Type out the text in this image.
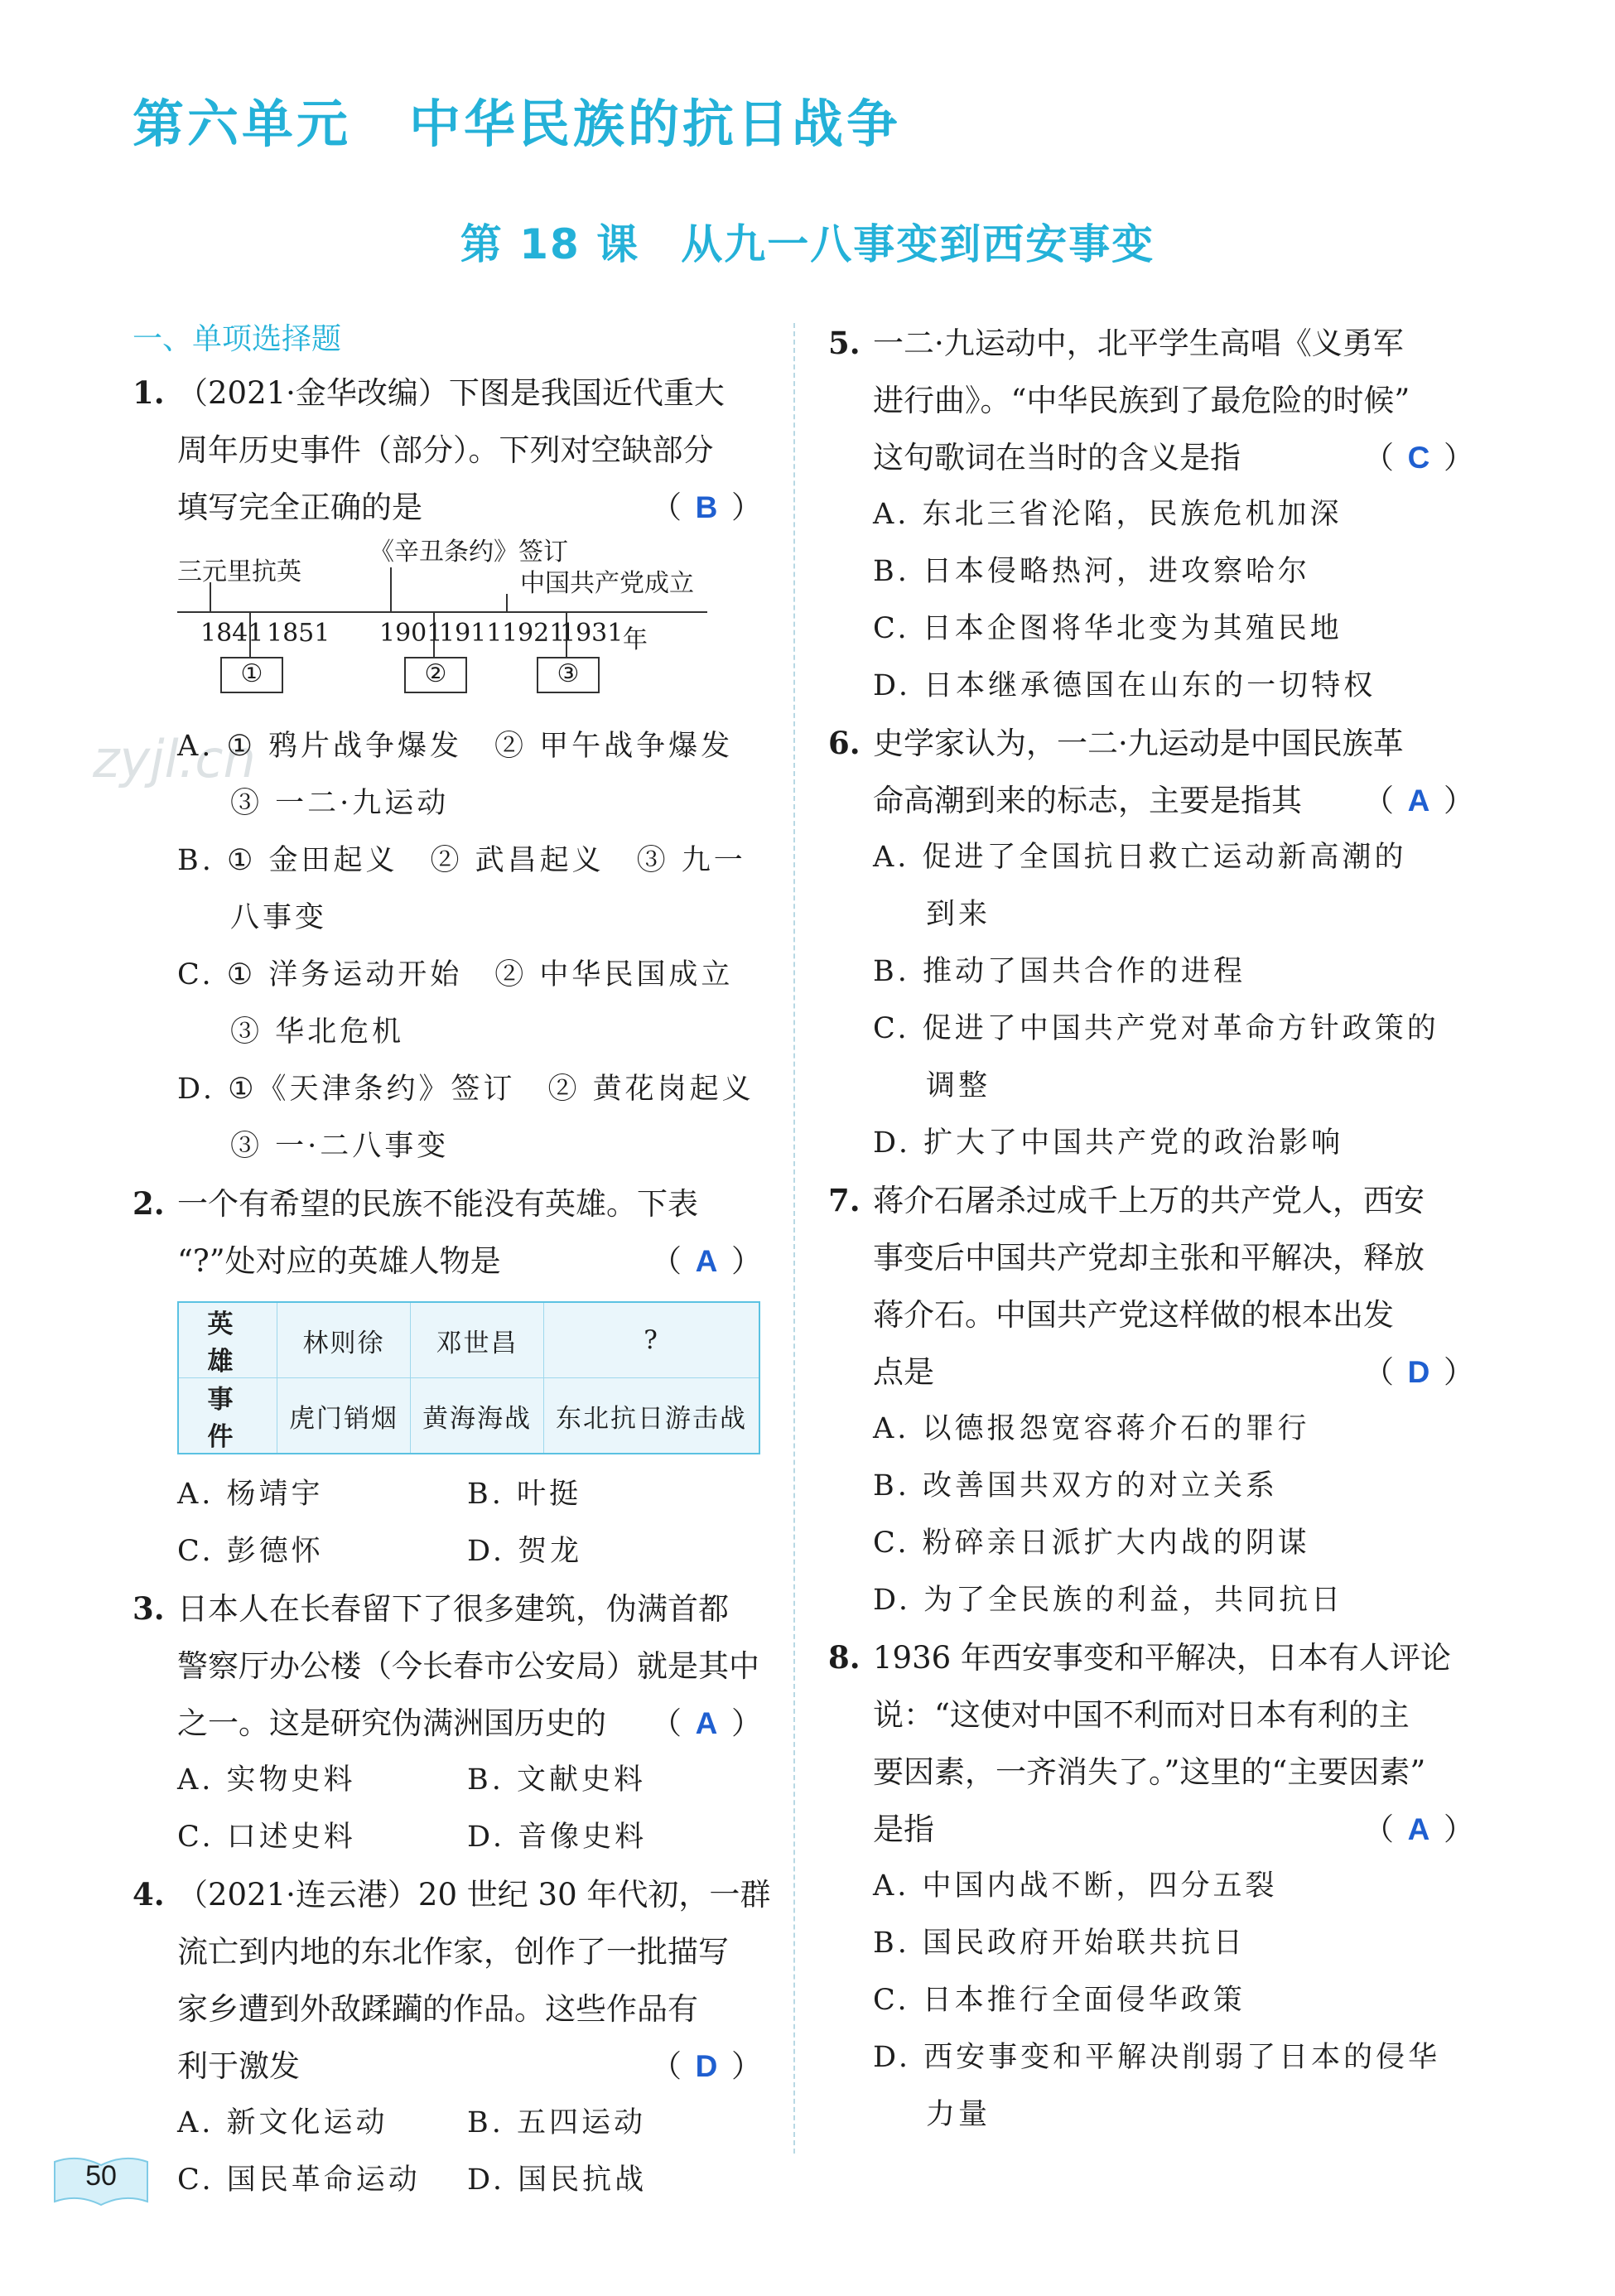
第六单元 中华民族的抗日战争
第 18 课 从九一八事变到西安事变
zyjl.cn
一、单项选择题
1. （2021·金华改编）下图是我国近代重大
周年历史事件（部分）。下列对空缺部分
填写完全正确的是	（ B ）
三元里抗英
《辛丑条约》签订
中国共产党成立
1841 1851 1901
1911 1921
1931 年
①	②	③
A. ① 鸦片战争爆发　② 甲午战争爆发
③ 一二·九运动
B. ① 金田起义　② 武昌起义　③ 九一
八事变
C. ① 洋务运动开始　② 中华民国成立
③ 华北危机
D. ①《天津条约》签订　② 黄花岗起义
③ 一·二八事变
2. 一个有希望的民族不能没有英雄。下表
“?”处对应的英雄人物是	（ A ）
英雄	林则徐	邓世昌	?
事件	虎门销烟	黄海海战	东北抗日游击战
A. 杨靖宇	B. 叶挺
C. 彭德怀	D. 贺龙
3. 日本人在长春留下了很多建筑，伪满首都
警察厅办公楼（今长春市公安局）就是其中
之一。这是研究伪满洲国历史的 （ A ）
A. 实物史料	B. 文献史料
C. 口述史料	D. 音像史料
4. （2021·连云港）20 世纪 30 年代初，一群
流亡到内地的东北作家，创作了一批描写
家乡遭到外敌蹂躏的作品。这些作品有
利于激发	（ D ）
A. 新文化运动	B. 五四运动
C. 国民革命运动	D. 国民抗战
5. 一二·九运动中，北平学生高唱《义勇军
进行曲》。“中华民族到了最危险的时候”
这句歌词在当时的含义是指	（ C ）
A. 东北三省沦陷，民族危机加深
B. 日本侵略热河，进攻察哈尔
C. 日本企图将华北变为其殖民地
D. 日本继承德国在山东的一切特权
6. 史学家认为，一二·九运动是中国民族革
命高潮到来的标志，主要是指其 （ A ）
A. 促进了全国抗日救亡运动新高潮的
到来
B. 推动了国共合作的进程
C. 促进了中国共产党对革命方针政策的
调整
D. 扩大了中国共产党的政治影响
7. 蒋介石屠杀过成千上万的共产党人，西安
事变后中国共产党却主张和平解决，释放
蒋介石。中国共产党这样做的根本出发
点是	（ D ）
A. 以德报怨宽容蒋介石的罪行
B. 改善国共双方的对立关系
C. 粉碎亲日派扩大内战的阴谋
D. 为了全民族的利益，共同抗日
8. 1936 年西安事变和平解决，日本有人评论
说：“这使对中国不利而对日本有利的主
要因素，一齐消失了。”这里的“主要因素”
是指	（ A ）
A. 中国内战不断，四分五裂
B. 国民政府开始联共抗日
C. 日本推行全面侵华政策
D. 西安事变和平解决削弱了日本的侵华
力量
50
